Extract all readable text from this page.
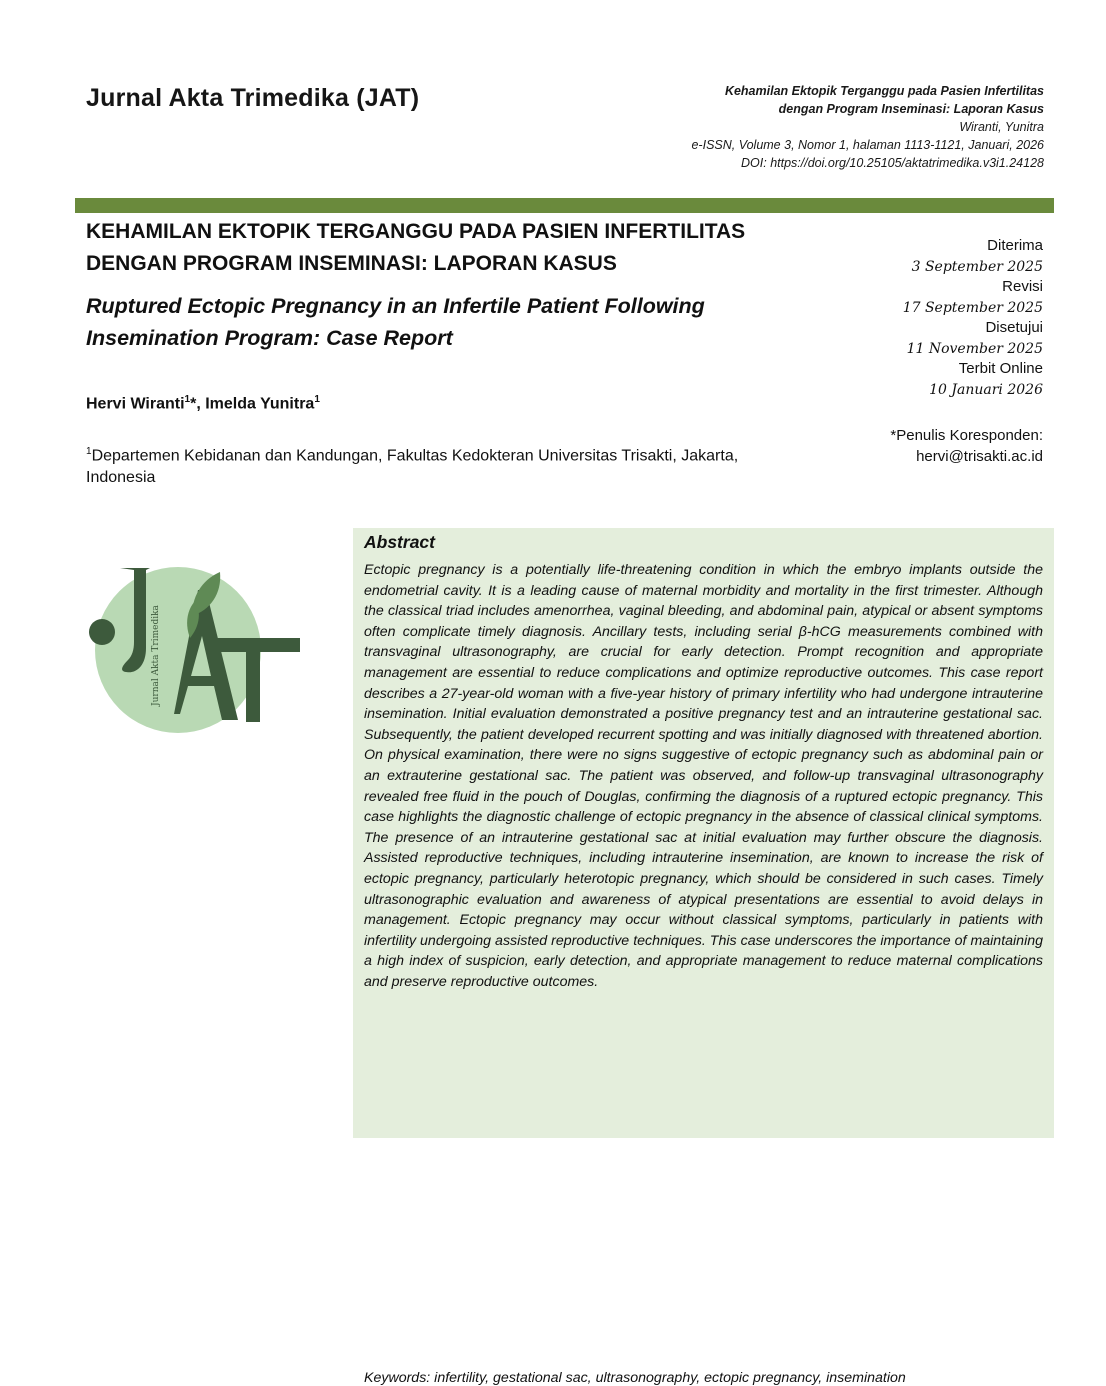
Jurnal Akta Trimedika (JAT)	Kehamilan Ektopik Terganggu pada Pasien Infertilitas
dengan Program Inseminasi: Laporan Kasus
Wiranti, Yunitra
e-ISSN, Volume 3, Nomor 1, halaman 1113-1121, Januari, 2026
DOI: https://doi.org/10.25105/aktatrimedika.v3i1.24128
KEHAMILAN EKTOPIK TERGANGGU PADA PASIEN INFERTILITAS
DENGAN PROGRAM INSEMINASI: LAPORAN KASUS
Ruptured Ectopic Pregnancy in an Infertile Patient Following
Insemination Program: Case Report
Hervi Wiranti$^1$*, Imelda Yunitra$^1$
$^1$Departemen Kebidanan dan Kandungan, Fakultas Kedokteran Universitas Trisakti, Jakarta,
Indonesia
Diterima
3 September 2025
Revisi
17 September 2025
Disetujui
11 November 2025
Terbit Online
10 Januari 2026
*Penulis Koresponden:
hervi@trisakti.ac.id
Jurnal Akta Trimedika
Abstract

Ectopic pregnancy is a potentially life-threatening condition in which the embryo implants outside the endometrial cavity. It is a leading cause of maternal morbidity and mortality in the first trimester. Although the classical triad includes amenorrhea, vaginal bleeding, and abdominal pain, atypical or absent symptoms often complicate timely diagnosis. Ancillary tests, including serial β-hCG measurements combined with transvaginal ultrasonography, are crucial for early detection. Prompt recognition and appropriate management are essential to reduce complications and optimize reproductive outcomes. This case report describes a 27-year-old woman with a five-year history of primary infertility who had undergone intrauterine insemination. Initial evaluation demonstrated a positive pregnancy test and an intrauterine gestational sac. Subsequently, the patient developed recurrent spotting and was initially diagnosed with threatened abortion. On physical examination, there were no signs suggestive of ectopic pregnancy such as abdominal pain or an extrauterine gestational sac. The patient was observed, and follow-up transvaginal ultrasonography revealed free fluid in the pouch of Douglas, confirming the diagnosis of a ruptured ectopic pregnancy. This case highlights the diagnostic challenge of ectopic pregnancy in the absence of classical clinical symptoms. The presence of an intrauterine gestational sac at initial evaluation may further obscure the diagnosis. Assisted reproductive techniques, including intrauterine insemination, are known to increase the risk of ectopic pregnancy, particularly heterotopic pregnancy, which should be considered in such cases. Timely ultrasonographic evaluation and awareness of atypical presentations are essential to avoid delays in management. Ectopic pregnancy may occur without classical symptoms, particularly in patients with infertility undergoing assisted reproductive techniques. This case underscores the importance of maintaining a high index of suspicion, early detection, and appropriate management to reduce maternal complications and preserve reproductive outcomes.

Keywords: infertility, gestational sac, ultrasonography, ectopic pregnancy, insemination
